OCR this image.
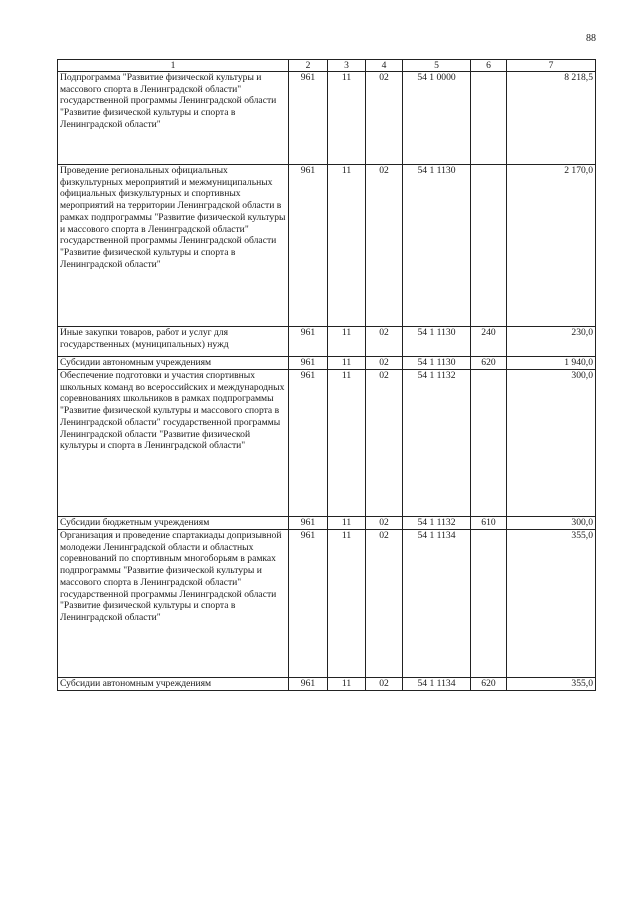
88
1	2	3	4	5	6	7
Подпрограмма "Развитие физической культуры и массового спорта в Ленинградской области" государственной программы Ленинградской области "Развитие физической культуры и спорта в Ленинградской области"	961	11	02	54 1 0000		8 218,5
Проведение региональных официальных физкультурных мероприятий и межмуниципальных официальных физкультурных и спортивных мероприятий на территории Ленинградской области в рамках подпрограммы "Развитие физической культуры и массового спорта в Ленинградской области" государственной программы Ленинградской области "Развитие физической культуры и спорта в Ленинградской области"	961	11	02	54 1 1130		2 170,0
Иные закупки товаров, работ и услуг для государственных (муниципальных) нужд	961	11	02	54 1 1130	240	230,0
Субсидии автономным учреждениям	961	11	02	54 1 1130	620	1 940,0
Обеспечение подготовки и участия спортивных школьных команд во всероссийских и международных соревнованиях школьников в рамках подпрограммы "Развитие физической культуры и массового спорта в Ленинградской области" государственной программы Ленинградской области "Развитие физической культуры и спорта в Ленинградской области"	961	11	02	54 1 1132		300,0
Субсидии бюджетным учреждениям	961	11	02	54 1 1132	610	300,0
Организация и проведение спартакиады допризывной молодежи Ленинградской области и областных соревнований по спортивным многоборьям в рамках подпрограммы "Развитие физической культуры и массового спорта в Ленинградской области" государственной программы Ленинградской области "Развитие физической культуры и спорта в Ленинградской области"	961	11	02	54 1 1134		355,0
Субсидии автономным учреждениям	961	11	02	54 1 1134	620	355,0
